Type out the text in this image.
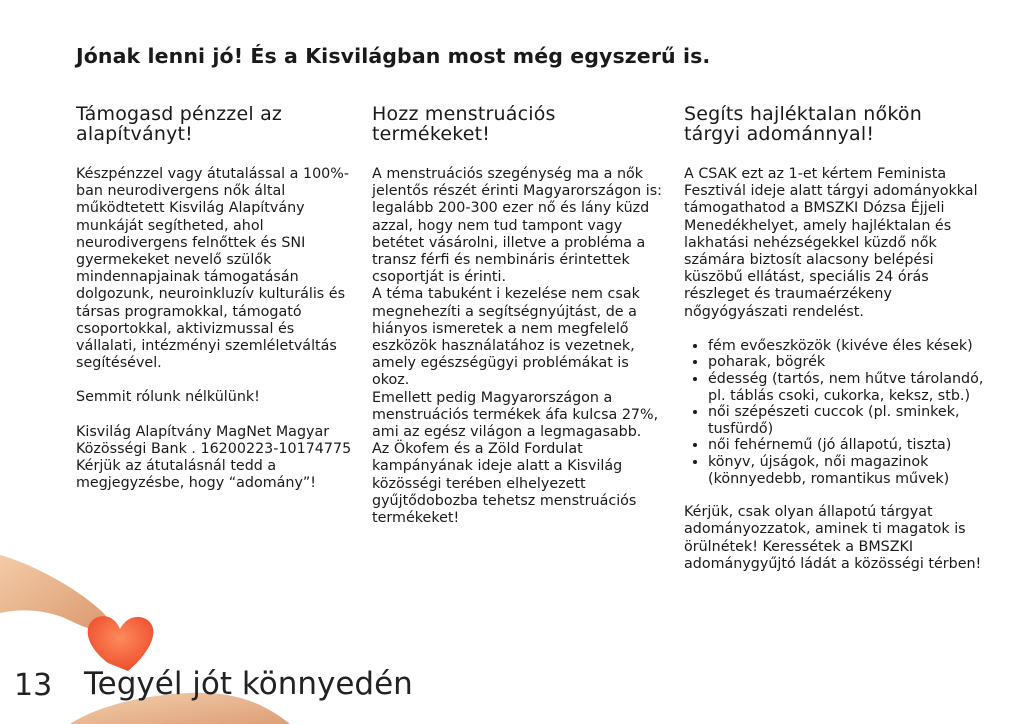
Jónak lenni jó! És a Kisvilágban most még egyszerű is.
Támogasd pénzzel az alapítványt!

Készpénzzel vagy átutalással a 100%-ban neurodivergens nők által működtetett Kisvilág Alapítvány munkáját segítheted, ahol neurodivergens felnőttek és SNI gyermekeket nevelő szülők mindennapjainak támogatásán dolgozunk, neuroinkluzív kulturális és társas programokkal, támogató csoportokkal, aktivizmussal és vállalati, intézményi szemléletváltás segítésével.

Semmit rólunk nélkülünk!

Kisvilág Alapítvány MagNet Magyar Közösségi Bank . 16200223-10174775 Kérjük az átutalásnál tedd a megjegyzésbe, hogy “adomány”!

Hozz menstruációs termékeket!

A menstruációs szegénység ma a nők jelentős részét érinti Magyarországon is: legalább 200-300 ezer nő és lány küzd azzal, hogy nem tud tampont vagy betétet vásárolni, illetve a probléma a transz férfi és nembináris érintettek csoportját is érinti.

A téma tabuként i kezelése nem csak megnehezíti a segítségnyújtást, de a hiányos ismeretek a nem megfelelő eszközök használatához is vezetnek, amely egészségügyi problémákat is okoz.

Emellett pedig Magyarországon a menstruációs termékek áfa kulcsa 27%, ami az egész világon a legmagasabb.

Az Ökofem és a Zöld Fordulat kampányának ideje alatt a Kisvilág közösségi terében elhelyezett gyűjtődobozba tehetsz menstruációs termékeket!

Segíts hajléktalan nőkön tárgyi adománnyal!

A CSAK ezt az 1-et kértem Feminista Fesztivál ideje alatt tárgyi adományokkal támogathatod a BMSZKI Dózsa Éjjeli Menedékhelyet, amely hajléktalan és lakhatási nehézségekkel küzdő nők számára biztosít alacsony belépési küszöbű ellátást, speciális 24 órás részleget és traumaérzékeny nőgyógyászati rendelést.

• fém evőeszközök (kivéve éles kések)
• poharak, bögrék
• édesség (tartós, nem hűtve tárolandó, pl. táblás csoki, cukorka, keksz, stb.)
• női szépészeti cuccok (pl. sminkek, tusfürdő)
• női fehérnemű (jó állapotú, tiszta)
• könyv, újságok, női magazinok (könnyedebb, romantikus művek)

Kérjük, csak olyan állapotú tárgyat adományozzatok, aminek ti magatok is örülnétek! Keressétek a BMSZKI adománygyűjtó ládát a közösségi térben!

13 Tegyél jót könnyedén
